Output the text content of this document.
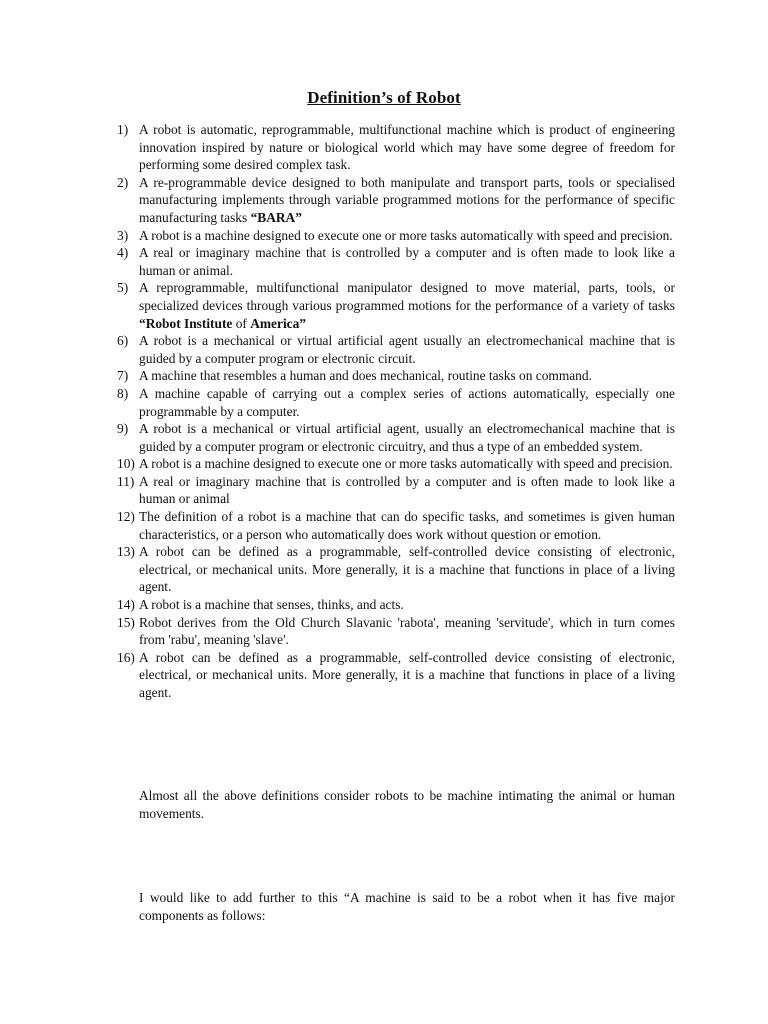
Definition’s of Robot
1) A robot is automatic, reprogrammable, multifunctional machine which is product of engineering innovation inspired by nature or biological world which may have some degree of freedom for performing some desired complex task.
2) A re-programmable device designed to both manipulate and transport parts, tools or specialised manufacturing implements through variable programmed motions for the performance of specific manufacturing tasks “BARA”
3) A robot is a machine designed to execute one or more tasks automatically with speed and precision.
4) A real or imaginary machine that is controlled by a computer and is often made to look like a human or animal.
5) A reprogrammable, multifunctional manipulator designed to move material, parts, tools, or specialized devices through various programmed motions for the performance of a variety of tasks “Robot Institute of America”
6) A robot is a mechanical or virtual artificial agent usually an electromechanical machine that is guided by a computer program or electronic circuit.
7) A machine that resembles a human and does mechanical, routine tasks on command.
8) A machine capable of carrying out a complex series of actions automatically, especially one programmable by a computer.
9) A robot is a mechanical or virtual artificial agent, usually an electromechanical machine that is guided by a computer program or electronic circuitry, and thus a type of an embedded system.
10) A robot is a machine designed to execute one or more tasks automatically with speed and precision.
11) A real or imaginary machine that is controlled by a computer and is often made to look like a human or animal
12) The definition of a robot is a machine that can do specific tasks, and sometimes is given human characteristics, or a person who automatically does work without question or emotion.
13) A robot can be defined as a programmable, self-controlled device consisting of electronic, electrical, or mechanical units. More generally, it is a machine that functions in place of a living agent.
14) A robot is a machine that senses, thinks, and acts.
15) Robot derives from the Old Church Slavanic 'rabota', meaning 'servitude', which in turn comes from 'rabu', meaning 'slave'.
16) A robot can be defined as a programmable, self-controlled device consisting of electronic, electrical, or mechanical units. More generally, it is a machine that functions in place of a living agent.

Almost all the above definitions consider robots to be machine intimating the animal or human movements.

I would like to add further to this “A machine is said to be a robot when it has five major components as follows:
